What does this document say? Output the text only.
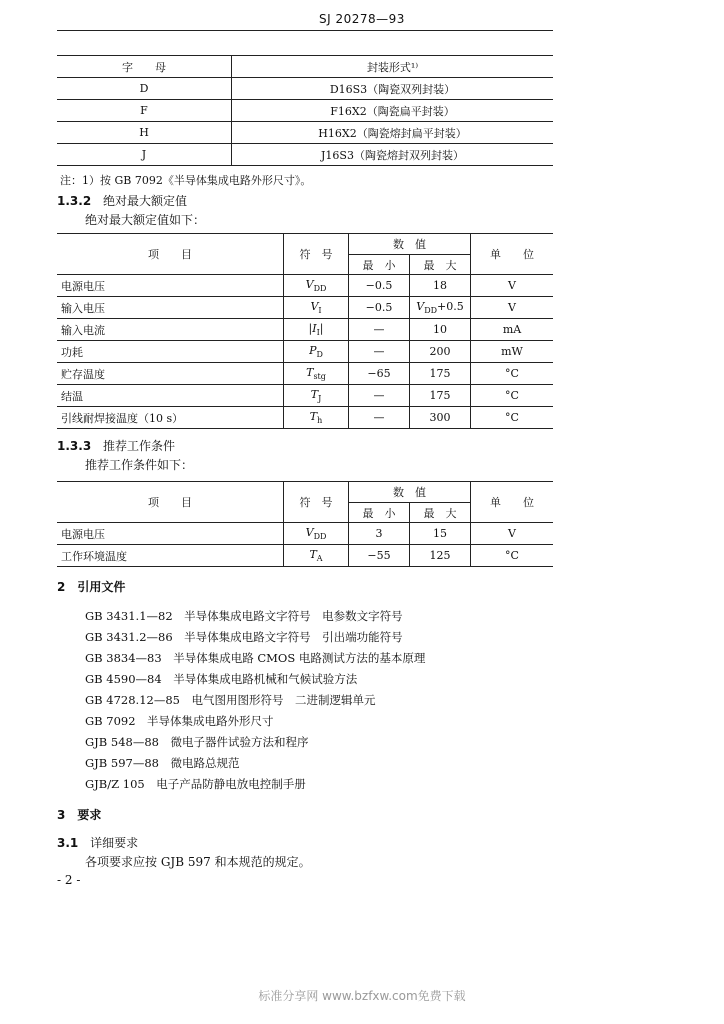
SJ 20278—93
字　　母	封装形式¹⁾
D	D16S3（陶瓷双列封装）
F	F16X2（陶瓷扁平封装）
H	H16X2（陶瓷熔封扁平封装）
J	J16S3（陶瓷熔封双列封装）
注：1）按 GB 7092《半导体集成电路外形尺寸》。
1.3.2 绝对最大额定值
绝对最大额定值如下：
项　　目	符　号	数　值		单　　位
		最　小	最　大	
电源电压	$V_{DD}$	−0.5	18	V
输入电压	$V_I$	−0.5	$V_{DD}+0.5$	V
输入电流	$|I_I|$	—	10	mA
功耗	$P_D$	—	200	mW
贮存温度	$T_{stg}$	−65	175	°C
结温	$T_J$	—	175	°C
引线耐焊接温度（10 s）	$T_h$	—	300	°C
1.3.3 推荐工作条件
推荐工作条件如下：
项　　目	符　号	数　值		单　　位
		最　小	最　大	
电源电压	$V_{DD}$	3	15	V
工作环境温度	$T_A$	−55	125	°C
2　引用文件
GB 3431.1—82　半导体集成电路文字符号　电参数文字符号
GB 3431.2—86　半导体集成电路文字符号　引出端功能符号
GB 3834—83　半导体集成电路 CMOS 电路测试方法的基本原理
GB 4590—84　半导体集成电路机械和气候试验方法
GB 4728.12—85　电气图用图形符号　二进制逻辑单元
GB 7092　半导体集成电路外形尺寸
GJB 548—88　微电子器件试验方法和程序
GJB 597—88　微电路总规范
GJB/Z 105　电子产品防静电放电控制手册
3　要求
3.1 详细要求
各项要求应按 GJB 597 和本规范的规定。
- 2 -
标准分享网 www.bzfxw.com免费下载
